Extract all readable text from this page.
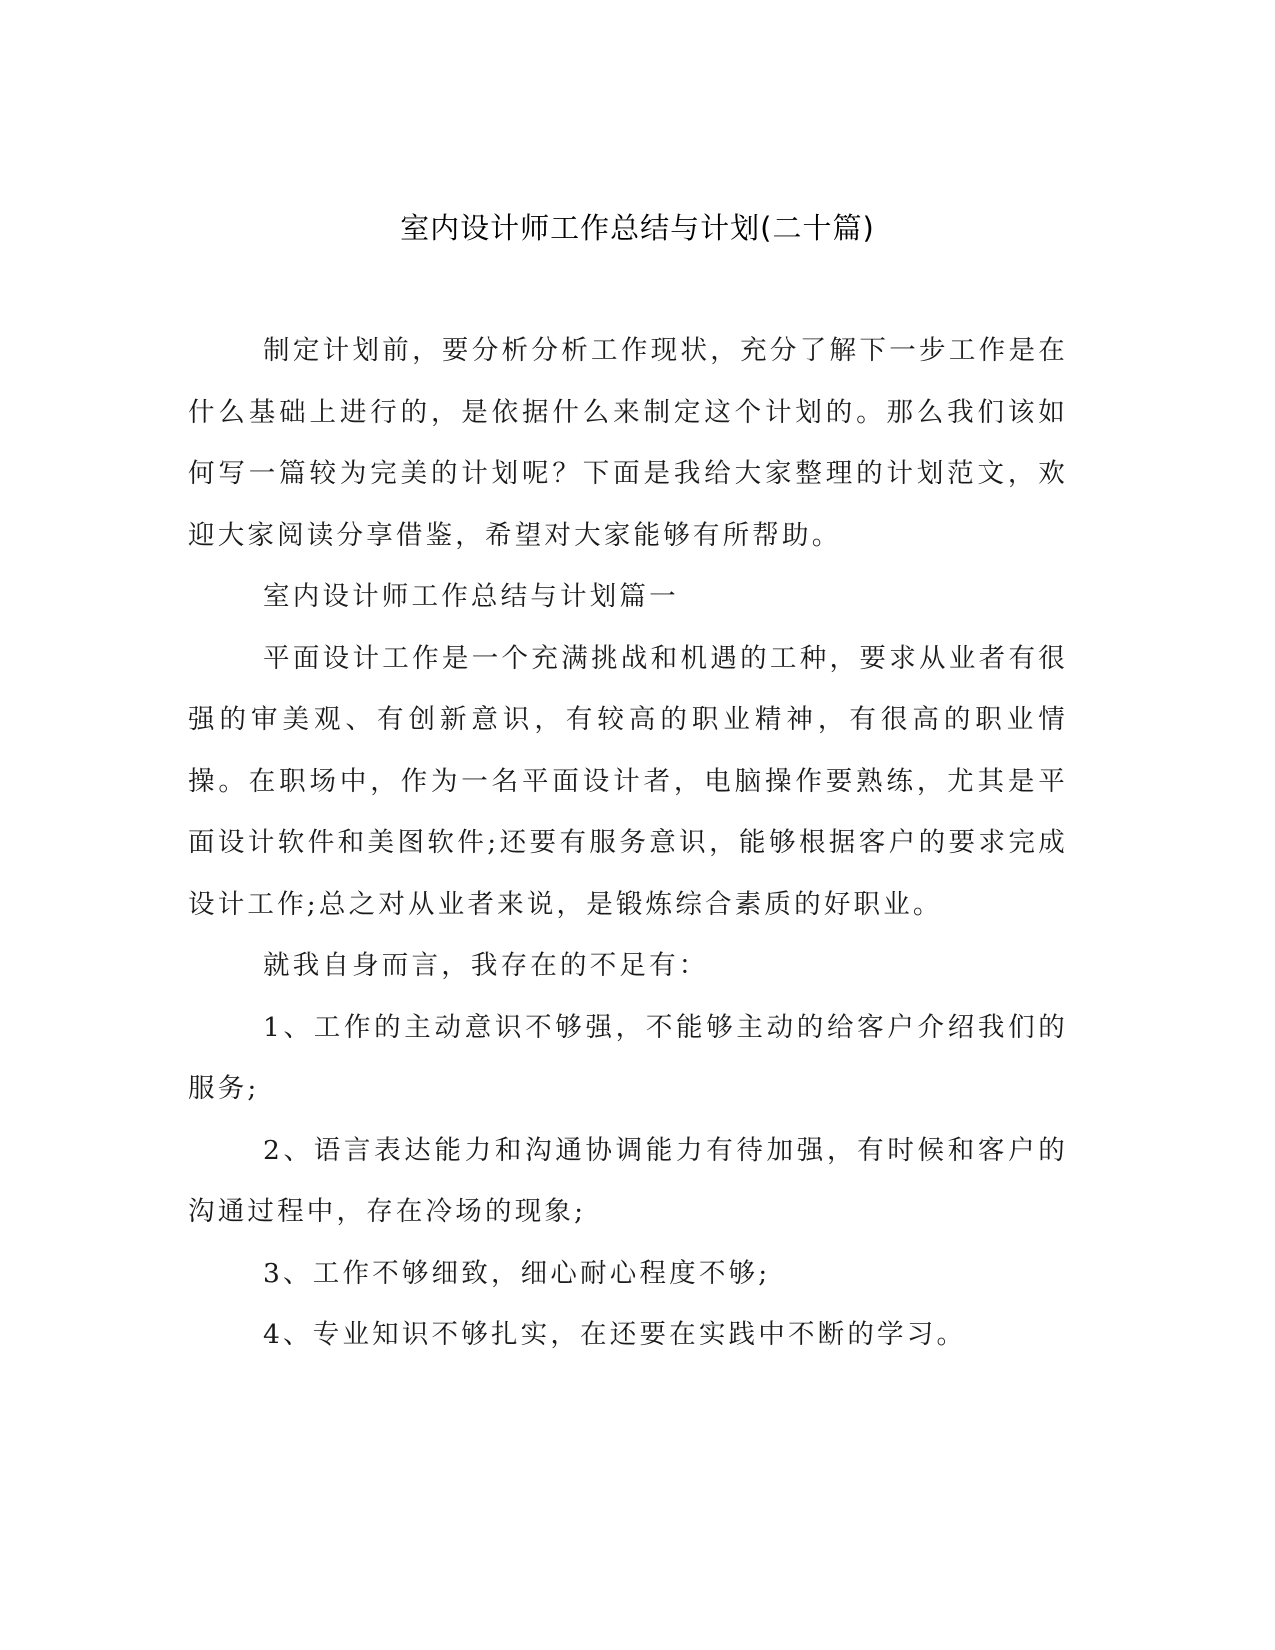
室内设计师工作总结与计划(二十篇)

制定计划前，要分析分析工作现状，充分了解下一步工作是在什么基础上进行的，是依据什么来制定这个计划的。那么我们该如何写一篇较为完美的计划呢？下面是我给大家整理的计划范文，欢迎大家阅读分享借鉴，希望对大家能够有所帮助。

室内设计师工作总结与计划篇一

平面设计工作是一个充满挑战和机遇的工种，要求从业者有很强的审美观、有创新意识，有较高的职业精神，有很高的职业情操。在职场中，作为一名平面设计者，电脑操作要熟练，尤其是平面设计软件和美图软件;还要有服务意识，能够根据客户的要求完成设计工作;总之对从业者来说，是锻炼综合素质的好职业。

就我自身而言，我存在的不足有：

1、工作的主动意识不够强，不能够主动的给客户介绍我们的服务;

2、语言表达能力和沟通协调能力有待加强，有时候和客户的沟通过程中，存在冷场的现象;

3、工作不够细致，细心耐心程度不够;

4、专业知识不够扎实，在还要在实践中不断的学习。
